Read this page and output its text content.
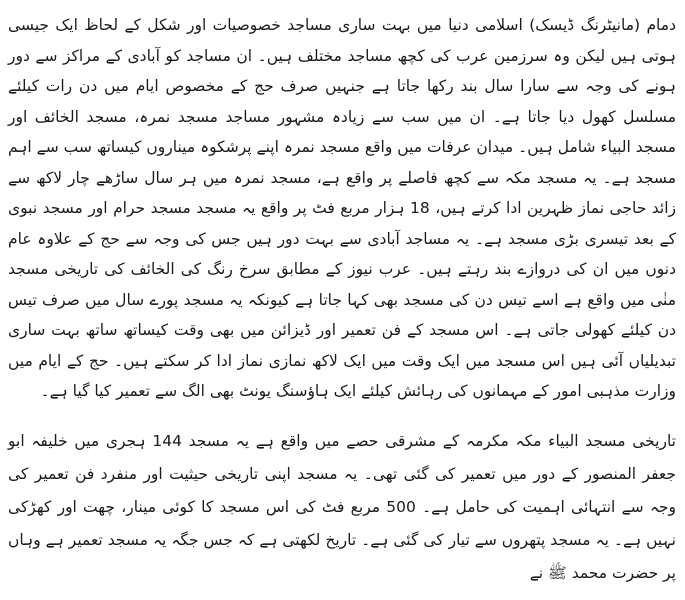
دمام (مانیٹرنگ ڈیسک) اسلامی دنیا میں بہت ساری مساجد خصوصیات اور شکل کے لحاظ ایک جیسی ہوتی ہیں لیکن وہ سرزمین عرب کی کچھ مساجد مختلف ہیں۔ ان مساجد کو آبادی کے مراکز سے دور ہونے کی وجہ سے سارا سال بند رکھا جاتا ہے جنہیں صرف حج کے مخصوص ایام میں دن رات کیلئے مسلسل کھول دیا جاتا ہے۔ ان میں سب سے زیادہ مشہور مساجد مسجد نمرہ، مسجد الخائف اور مسجد البیاء شامل ہیں۔ میدان عرفات میں واقع مسجد نمرہ اپنے پرشکوہ میناروں کیساتھ سب سے اہم مسجد ہے۔ یہ مسجد مکہ سے کچھ فاصلے پر واقع ہے، مسجد نمرہ میں ہر سال ساڑھے چار لاکھ سے زائد حاجی نماز ظہرین ادا کرتے ہیں، 18 ہزار مربع فٹ پر واقع یہ مسجد مسجد حرام اور مسجد نبوی کے بعد تیسری بڑی مسجد ہے۔ یہ مساجد آبادی سے بہت دور ہیں جس کی وجہ سے حج کے علاوہ عام دنوں میں ان کی دروازے بند رہتے ہیں۔ عرب نیوز کے مطابق سرخ رنگ کی الخائف کی تاریخی مسجد منٰی میں واقع ہے اسے تیس دن کی مسجد بھی کہا جاتا ہے کیونکہ یہ مسجد پورے سال میں صرف تیس دن کیلئے کھولی جاتی ہے۔ اس مسجد کے فن تعمیر اور ڈیزائن میں بھی وقت کیساتھ ساتھ بہت ساری تبدیلیاں آئی ہیں اس مسجد میں ایک وقت میں ایک لاکھ نمازی نماز ادا کر سکتے ہیں۔ حج کے ایام میں وزارت مذہبی امور کے مہمانوں کی رہائش کیلئے ایک ہاؤسنگ یونٹ بھی الگ سے تعمیر کیا گیا ہے۔

تاریخی مسجد البیاء مکہ مکرمہ کے مشرقی حصے میں واقع ہے یہ مسجد 144 ہجری میں خلیفہ ابو جعفر المنصور کے دور میں تعمیر کی گئی تھی۔ یہ مسجد اپنی تاریخی حیثیت اور منفرد فن تعمیر کی وجہ سے انتہائی اہمیت کی حامل ہے۔ 500 مربع فٹ کی اس مسجد کا کوئی مینار، چھت اور کھڑکی نہیں ہے۔ یہ مسجد پتھروں سے تیار کی گئی ہے۔ تاریخ لکھتی ہے کہ جس جگہ یہ مسجد تعمیر ہے وہاں پر حضرت محمد ﷺ نے
